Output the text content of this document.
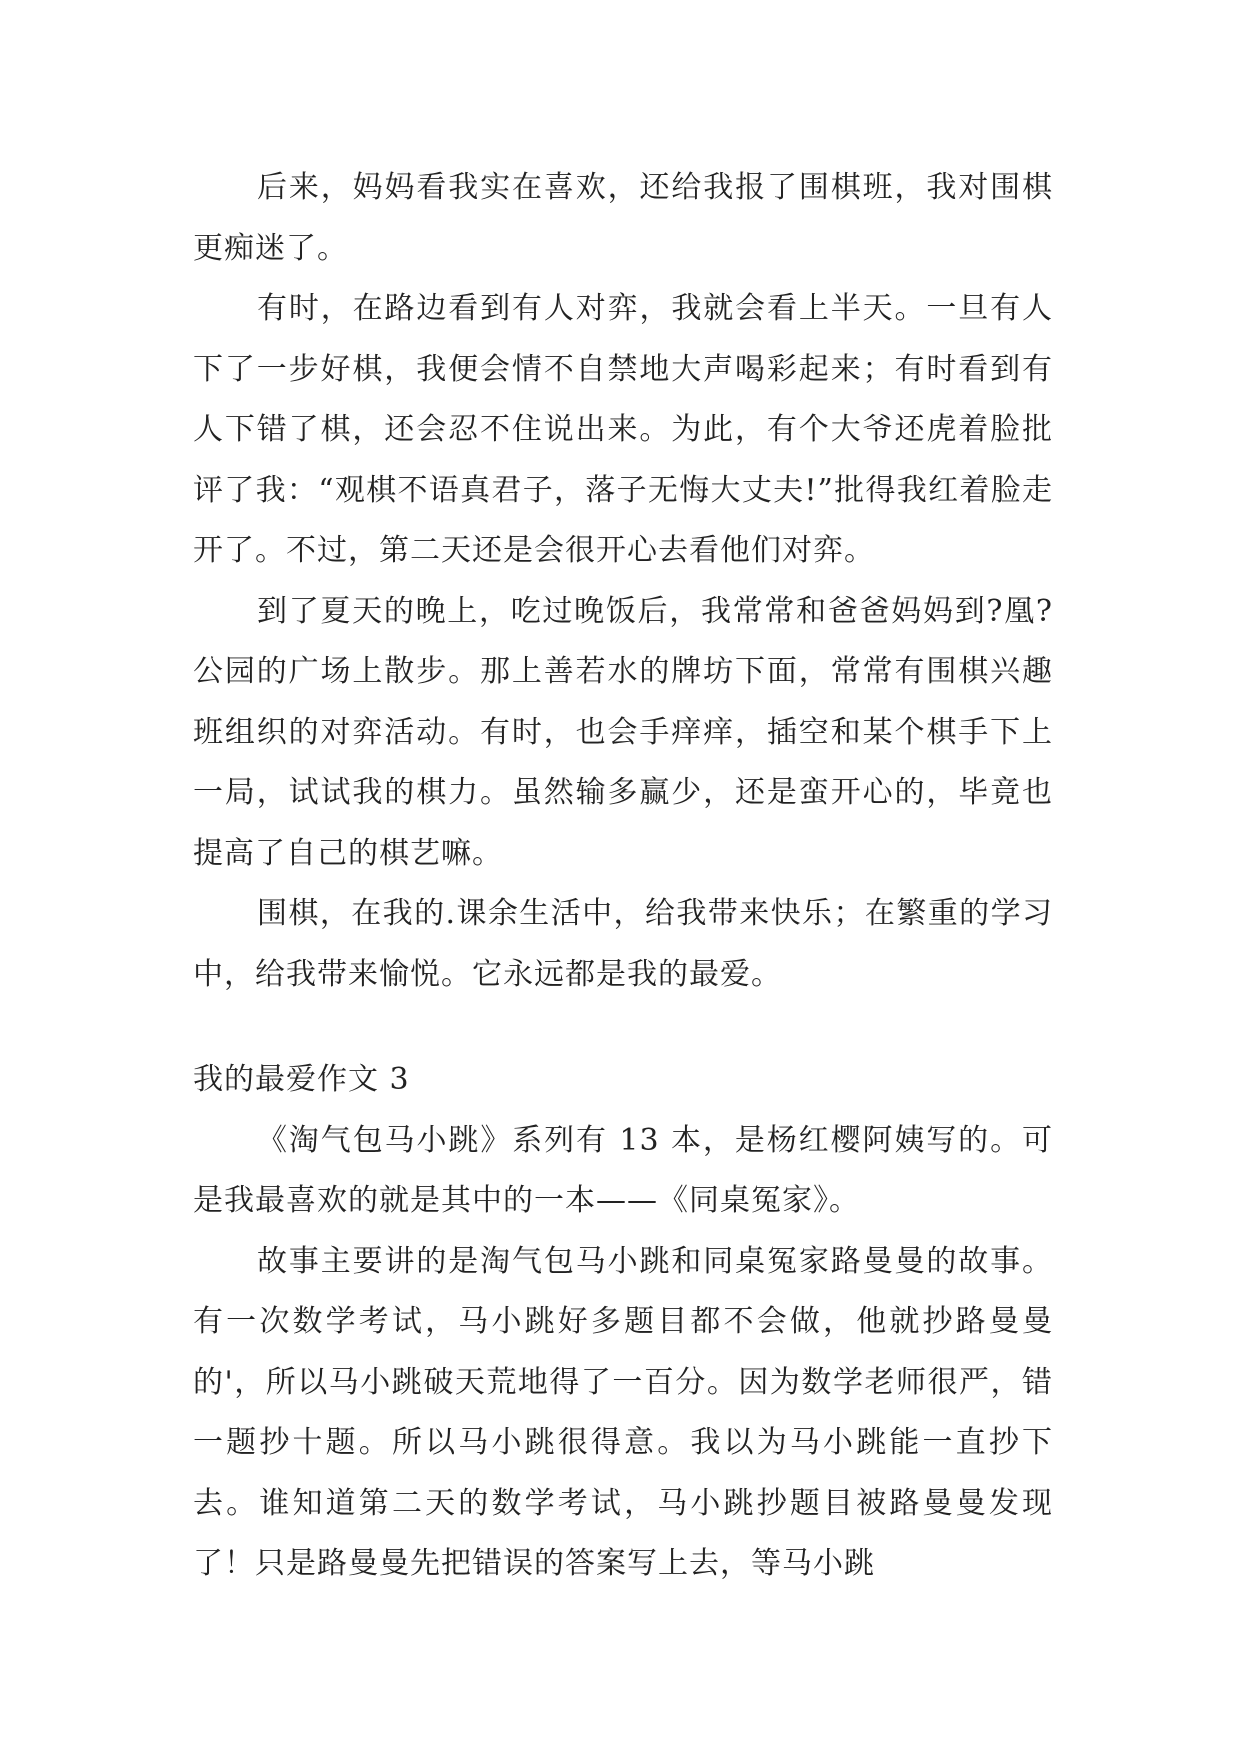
后来，妈妈看我实在喜欢，还给我报了围棋班，我对围棋更痴迷了。

有时，在路边看到有人对弈，我就会看上半天。一旦有人下了一步好棋，我便会情不自禁地大声喝彩起来；有时看到有人下错了棋，还会忍不住说出来。为此，有个大爷还虎着脸批评了我：“观棋不语真君子，落子无悔大丈夫!”批得我红着脸走开了。不过，第二天还是会很开心去看他们对弈。

到了夏天的晚上，吃过晚饭后，我常常和爸爸妈妈到?凰?公园的广场上散步。那上善若水的牌坊下面，常常有围棋兴趣班组织的对弈活动。有时，也会手痒痒，插空和某个棋手下上一局，试试我的棋力。虽然输多赢少，还是蛮开心的，毕竟也提高了自己的棋艺嘛。

围棋，在我的.课余生活中，给我带来快乐；在繁重的学习中，给我带来愉悦。它永远都是我的最爱。

我的最爱作文 3

《淘气包马小跳》系列有 13 本，是杨红樱阿姨写的。可是我最喜欢的就是其中的一本——《同桌冤家》。

故事主要讲的是淘气包马小跳和同桌冤家路曼曼的故事。有一次数学考试，马小跳好多题目都不会做，他就抄路曼曼的'，所以马小跳破天荒地得了一百分。因为数学老师很严，错一题抄十题。所以马小跳很得意。我以为马小跳能一直抄下去。谁知道第二天的数学考试，马小跳抄题目被路曼曼发现了！只是路曼曼先把错误的答案写上去，等马小跳
